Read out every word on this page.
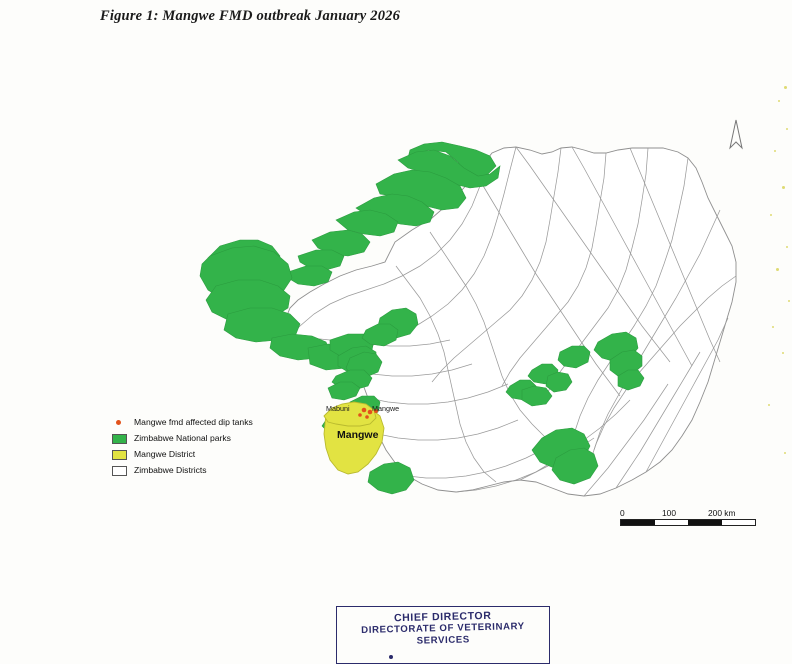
Figure 1: Mangwe FMD outbreak January 2026
Mabuni	Mangwe
Mangwe
Mangwe fmd affected dip tanks
Zimbabwe National parks
Mangwe District
Zimbabwe Districts
0	100	200 km
CHIEF DIRECTOR
DIRECTORATE OF VETERINARY
SERVICES
